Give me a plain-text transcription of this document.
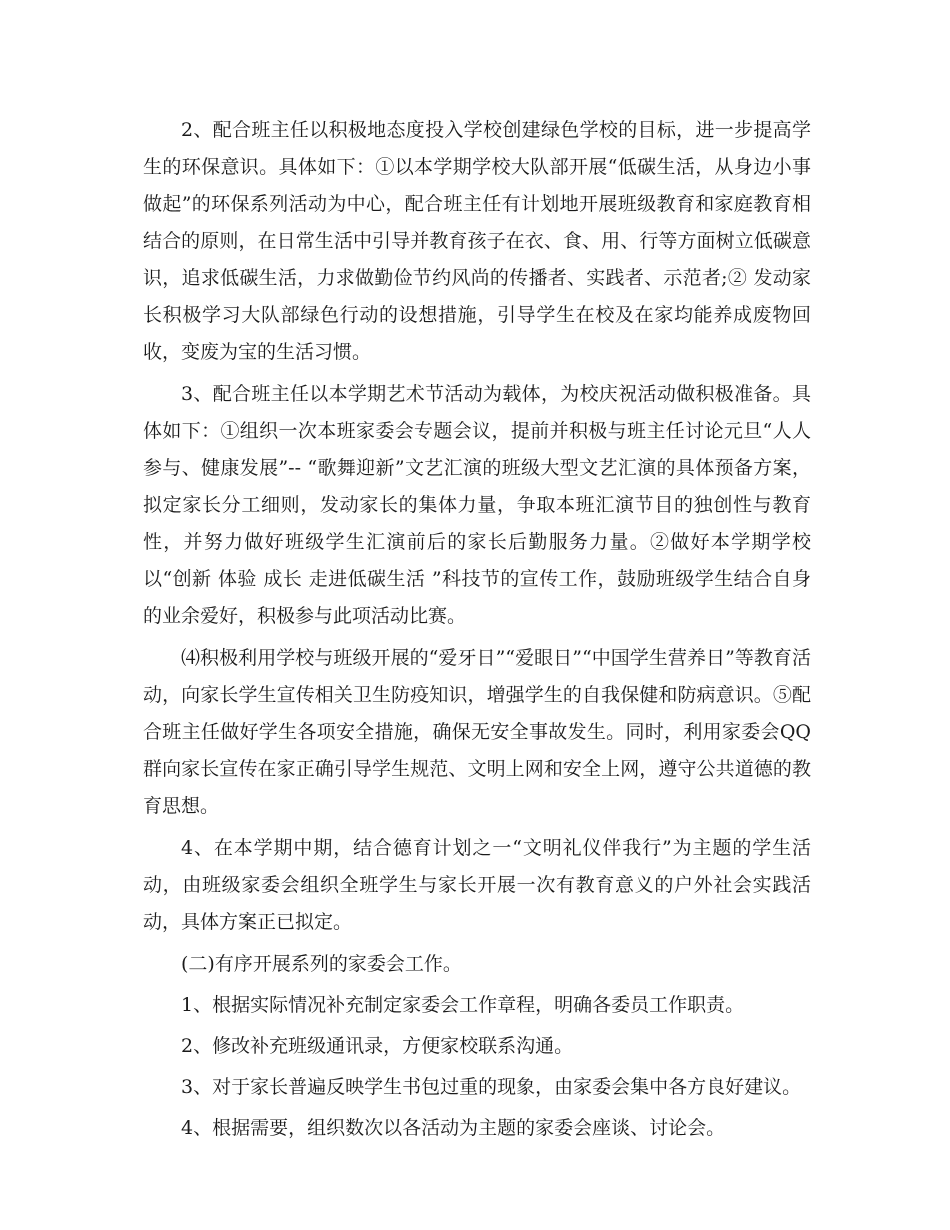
2、配合班主任以积极地态度投入学校创建绿色学校的目标，进一步提高学生的环保意识。具体如下：①以本学期学校大队部开展“低碳生活，从身边小事做起”的环保系列活动为中心，配合班主任有计划地开展班级教育和家庭教育相结合的原则，在日常生活中引导并教育孩子在衣、食、用、行等方面树立低碳意识，追求低碳生活，力求做勤俭节约风尚的传播者、实践者、示范者;② 发动家长积极学习大队部绿色行动的设想措施，引导学生在校及在家均能养成废物回收，变废为宝的生活习惯。

3、配合班主任以本学期艺术节活动为载体，为校庆祝活动做积极准备。具体如下：①组织一次本班家委会专题会议，提前并积极与班主任讨论元旦“人人参与、健康发展”-- “歌舞迎新”文艺汇演的班级大型文艺汇演的具体预备方案，拟定家长分工细则，发动家长的集体力量，争取本班汇演节目的独创性与教育性，并努力做好班级学生汇演前后的家长后勤服务力量。②做好本学期学校以“创新 体验 成长 走进低碳生活 ”科技节的宣传工作，鼓励班级学生结合自身的业余爱好，积极参与此项活动比赛。

⑷积极利用学校与班级开展的“爱牙日”“爱眼日”“中国学生营养日”等教育活动，向家长学生宣传相关卫生防疫知识，增强学生的自我保健和防病意识。⑤配合班主任做好学生各项安全措施，确保无安全事故发生。同时，利用家委会QQ群向家长宣传在家正确引导学生规范、文明上网和安全上网，遵守公共道德的教育思想。

4、在本学期中期，结合德育计划之一“文明礼仪伴我行”为主题的学生活动，由班级家委会组织全班学生与家长开展一次有教育意义的户外社会实践活动，具体方案正已拟定。

(二)有序开展系列的家委会工作。

1、根据实际情况补充制定家委会工作章程，明确各委员工作职责。

2、修改补充班级通讯录，方便家校联系沟通。

3、对于家长普遍反映学生书包过重的现象，由家委会集中各方良好建议。

4、根据需要，组织数次以各活动为主题的家委会座谈、讨论会。
